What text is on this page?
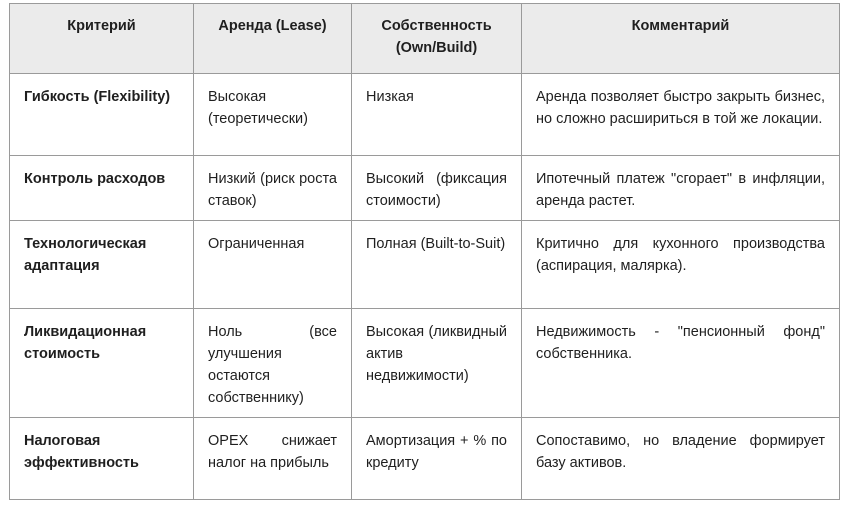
Критерий	Аренда (Lease)	Собственность (Own/Build)	Комментарий
Гибкость (Flexibility)	Высокая (теоретически)	Низкая	Аренда позволяет быстро закрыть бизнес, но сложно расшириться в той же локации.
Контроль расходов	Низкий (риск роста ставок)	Высокий (фиксация стоимости)	Ипотечный платеж "сгорает" в инфляции, аренда растет.
Технологическая адаптация	Ограниченная	Полная (Built-to-Suit)	Критично для кухонного производства (аспирация, малярка).
Ликвидационная стоимость	Ноль (все улучшения остаются собственнику)	Высокая (ликвидный актив недвижимости)	Недвижимость - "пенсионный фонд" собственника.
Налоговая эффективность	OPEX снижает налог на прибыль	Амортизация + % по кредиту	Сопоставимо, но владение формирует базу активов.
